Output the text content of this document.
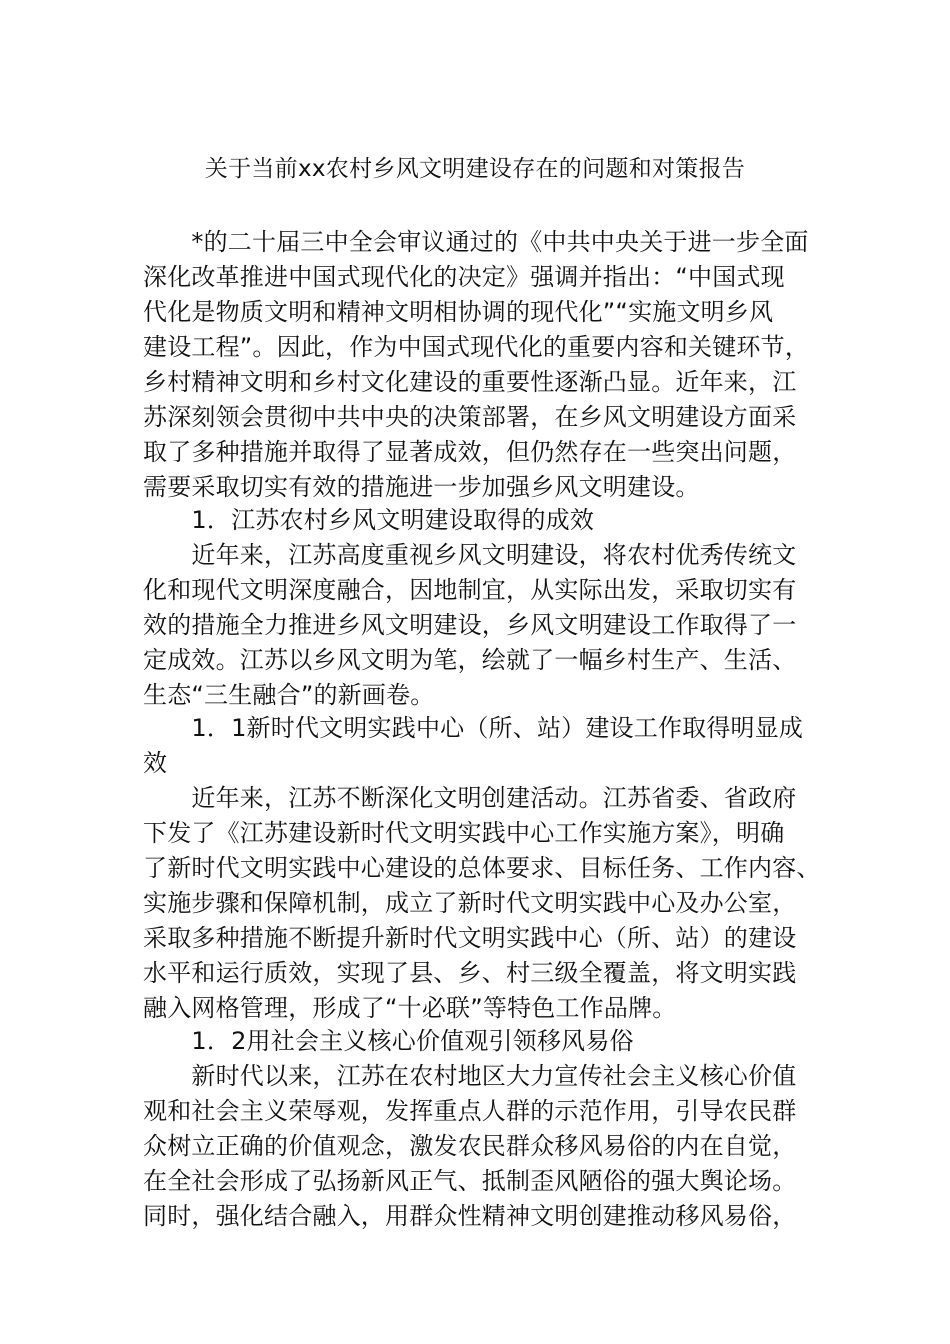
关于当前xx农村乡风文明建设存在的问题和对策报告
　　*的二十届三中全会审议通过的《中共中央关于进一步全面
深化改革推进中国式现代化的决定》强调并指出：“中国式现
代化是物质文明和精神文明相协调的现代化”“实施文明乡风
建设工程”。因此，作为中国式现代化的重要内容和关键环节，
乡村精神文明和乡村文化建设的重要性逐渐凸显。近年来，江
苏深刻领会贯彻中共中央的决策部署，在乡风文明建设方面采
取了多种措施并取得了显著成效，但仍然存在一些突出问题，
需要采取切实有效的措施进一步加强乡风文明建设。
　　1．江苏农村乡风文明建设取得的成效
　　近年来，江苏高度重视乡风文明建设，将农村优秀传统文
化和现代文明深度融合，因地制宜，从实际出发，采取切实有
效的措施全力推进乡风文明建设，乡风文明建设工作取得了一
定成效。江苏以乡风文明为笔，绘就了一幅乡村生产、生活、
生态“三生融合”的新画卷。
　　1．1新时代文明实践中心（所、站）建设工作取得明显成
效
　　近年来，江苏不断深化文明创建活动。江苏省委、省政府
下发了《江苏建设新时代文明实践中心工作实施方案》，明确
了新时代文明实践中心建设的总体要求、目标任务、工作内容、
实施步骤和保障机制，成立了新时代文明实践中心及办公室，
采取多种措施不断提升新时代文明实践中心（所、站）的建设
水平和运行质效，实现了县、乡、村三级全覆盖，将文明实践
融入网格管理，形成了“十必联”等特色工作品牌。
　　1．2用社会主义核心价值观引领移风易俗
　　新时代以来，江苏在农村地区大力宣传社会主义核心价值
观和社会主义荣辱观，发挥重点人群的示范作用，引导农民群
众树立正确的价值观念，激发农民群众移风易俗的内在自觉，
在全社会形成了弘扬新风正气、抵制歪风陋俗的强大舆论场。
同时，强化结合融入，用群众性精神文明创建推动移风易俗，
